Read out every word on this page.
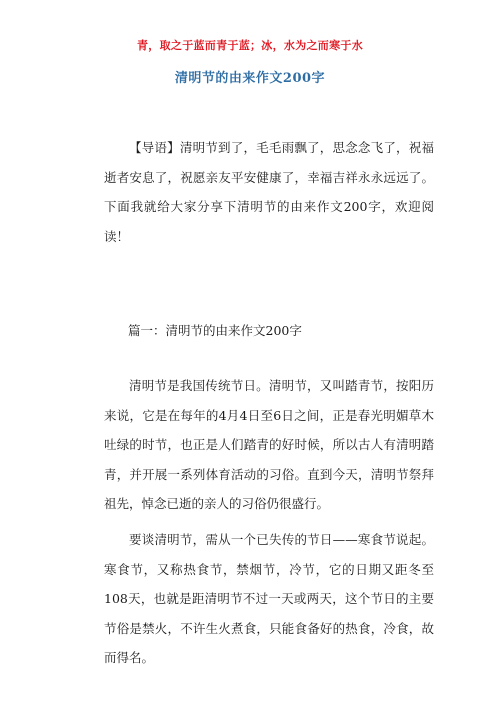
青，取之于蓝而青于蓝；冰，水为之而寒于水
清明节的由来作文200字

【导语】清明节到了，毛毛雨飘了，思念念飞了，祝福逝者安息了，祝愿亲友平安健康了，幸福吉祥永永远远了。下面我就给大家分享下清明节的由来作文200字，欢迎阅读！

篇一：清明节的由来作文200字

清明节是我国传统节日。清明节，又叫踏青节，按阳历来说，它是在每年的4月4日至6日之间，正是春光明媚草木吐绿的时节，也正是人们踏青的好时候，所以古人有清明踏青，并开展一系列体育活动的习俗。直到今天，清明节祭拜祖先，悼念已逝的亲人的习俗仍很盛行。

要谈清明节，需从一个已失传的节日——寒食节说起。寒食节，又称热食节，禁烟节，冷节，它的日期又距冬至108天，也就是距清明节不过一天或两天，这个节日的主要节俗是禁火，不许生火煮食，只能食备好的热食，冷食，故而得名。
